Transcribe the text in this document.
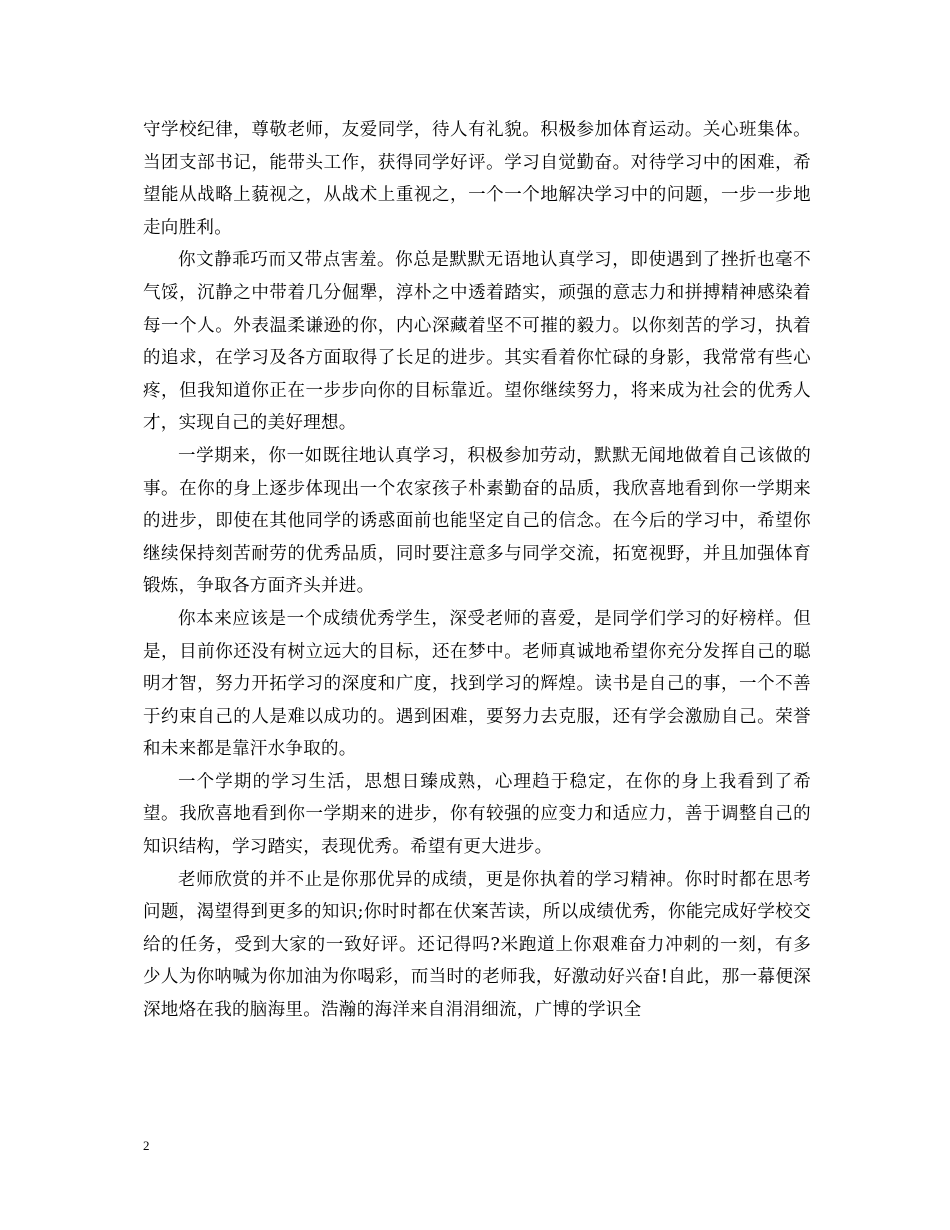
守学校纪律，尊敬老师，友爱同学，待人有礼貌。积极参加体育运动。关心班集体。当团支部书记，能带头工作，获得同学好评。学习自觉勤奋。对待学习中的困难，希望能从战略上藐视之，从战术上重视之，一个一个地解决学习中的问题，一步一步地走向胜利。

你文静乖巧而又带点害羞。你总是默默无语地认真学习，即使遇到了挫折也毫不气馁，沉静之中带着几分倔犟，淳朴之中透着踏实，顽强的意志力和拼搏精神感染着每一个人。外表温柔谦逊的你，内心深藏着坚不可摧的毅力。以你刻苦的学习，执着的追求，在学习及各方面取得了长足的进步。其实看着你忙碌的身影，我常常有些心疼，但我知道你正在一步步向你的目标靠近。望你继续努力，将来成为社会的优秀人才，实现自己的美好理想。

一学期来，你一如既往地认真学习，积极参加劳动，默默无闻地做着自己该做的事。在你的身上逐步体现出一个农家孩子朴素勤奋的品质，我欣喜地看到你一学期来的进步，即使在其他同学的诱惑面前也能坚定自己的信念。在今后的学习中，希望你继续保持刻苦耐劳的优秀品质，同时要注意多与同学交流，拓宽视野，并且加强体育锻炼，争取各方面齐头并进。

你本来应该是一个成绩优秀学生，深受老师的喜爱，是同学们学习的好榜样。但是，目前你还没有树立远大的目标，还在梦中。老师真诚地希望你充分发挥自己的聪明才智，努力开拓学习的深度和广度，找到学习的辉煌。读书是自己的事，一个不善于约束自己的人是难以成功的。遇到困难，要努力去克服，还有学会激励自己。荣誉和未来都是靠汗水争取的。

一个学期的学习生活，思想日臻成熟，心理趋于稳定，在你的身上我看到了希望。我欣喜地看到你一学期来的进步，你有较强的应变力和适应力，善于调整自己的知识结构，学习踏实，表现优秀。希望有更大进步。

老师欣赏的并不止是你那优异的成绩，更是你执着的学习精神。你时时都在思考问题，渴望得到更多的知识;你时时都在伏案苦读，所以成绩优秀，你能完成好学校交给的任务，受到大家的一致好评。还记得吗?米跑道上你艰难奋力冲刺的一刻，有多少人为你呐喊为你加油为你喝彩，而当时的老师我，好激动好兴奋!自此，那一幕便深深地烙在我的脑海里。浩瀚的海洋来自涓涓细流，广博的学识全

2
